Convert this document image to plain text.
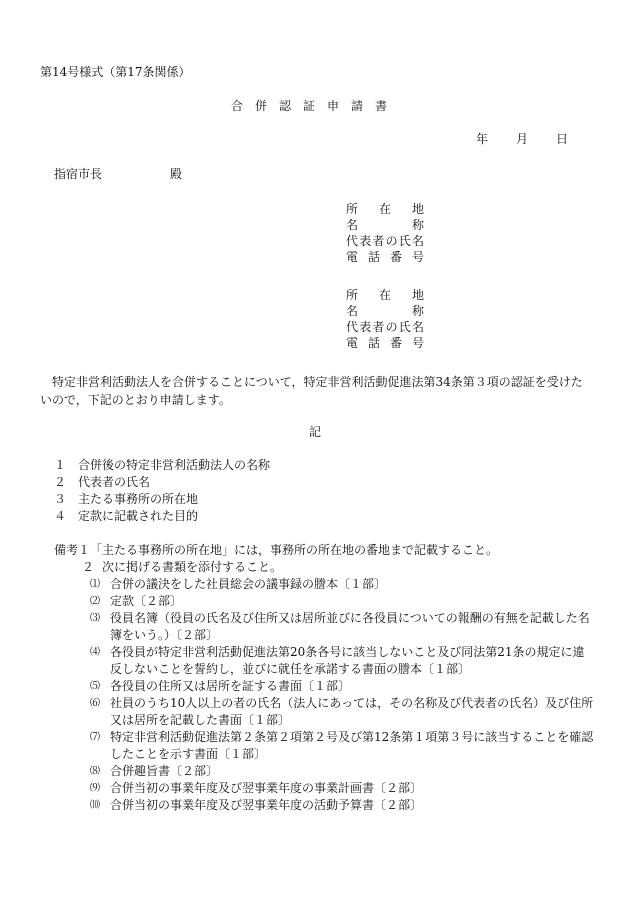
第14号様式（第17条関係）
合併認証申請書
年 月 日
指宿市長	殿
所在地
名称
代表者の氏名
電話番号
所在地
名称
代表者の氏名
電話番号
特定非営利活動法人を合併することについて，特定非営利活動促進法第34条第３項の認証を受けたいので，下記のとおり申請します。
記
１ 合併後の特定非営利活動法人の名称
２ 代表者の氏名
３ 主たる事務所の所在地
４ 定款に記載された目的
備考１「主たる事務所の所在地」には，事務所の所在地の番地まで記載すること。
２ 次に掲げる書類を添付すること。
⑴ 合併の議決をした社員総会の議事録の謄本〔１部〕
⑵ 定款〔２部〕
⑶ 役員名簿（役員の氏名及び住所又は居所並びに各役員についての報酬の有無を記載した名簿をいう。）〔２部〕
⑷ 各役員が特定非営利活動促進法第20条各号に該当しないこと及び同法第21条の規定に違反しないことを誓約し，並びに就任を承諾する書面の謄本〔１部〕
⑸ 各役員の住所又は居所を証する書面〔１部〕
⑹ 社員のうち10人以上の者の氏名（法人にあっては，その名称及び代表者の氏名）及び住所又は居所を記載した書面〔１部〕
⑺ 特定非営利活動促進法第２条第２項第２号及び第12条第１項第３号に該当することを確認したことを示す書面〔１部〕
⑻ 合併趣旨書〔２部〕
⑼ 合併当初の事業年度及び翌事業年度の事業計画書〔２部〕
⑽ 合併当初の事業年度及び翌事業年度の活動予算書〔２部〕
